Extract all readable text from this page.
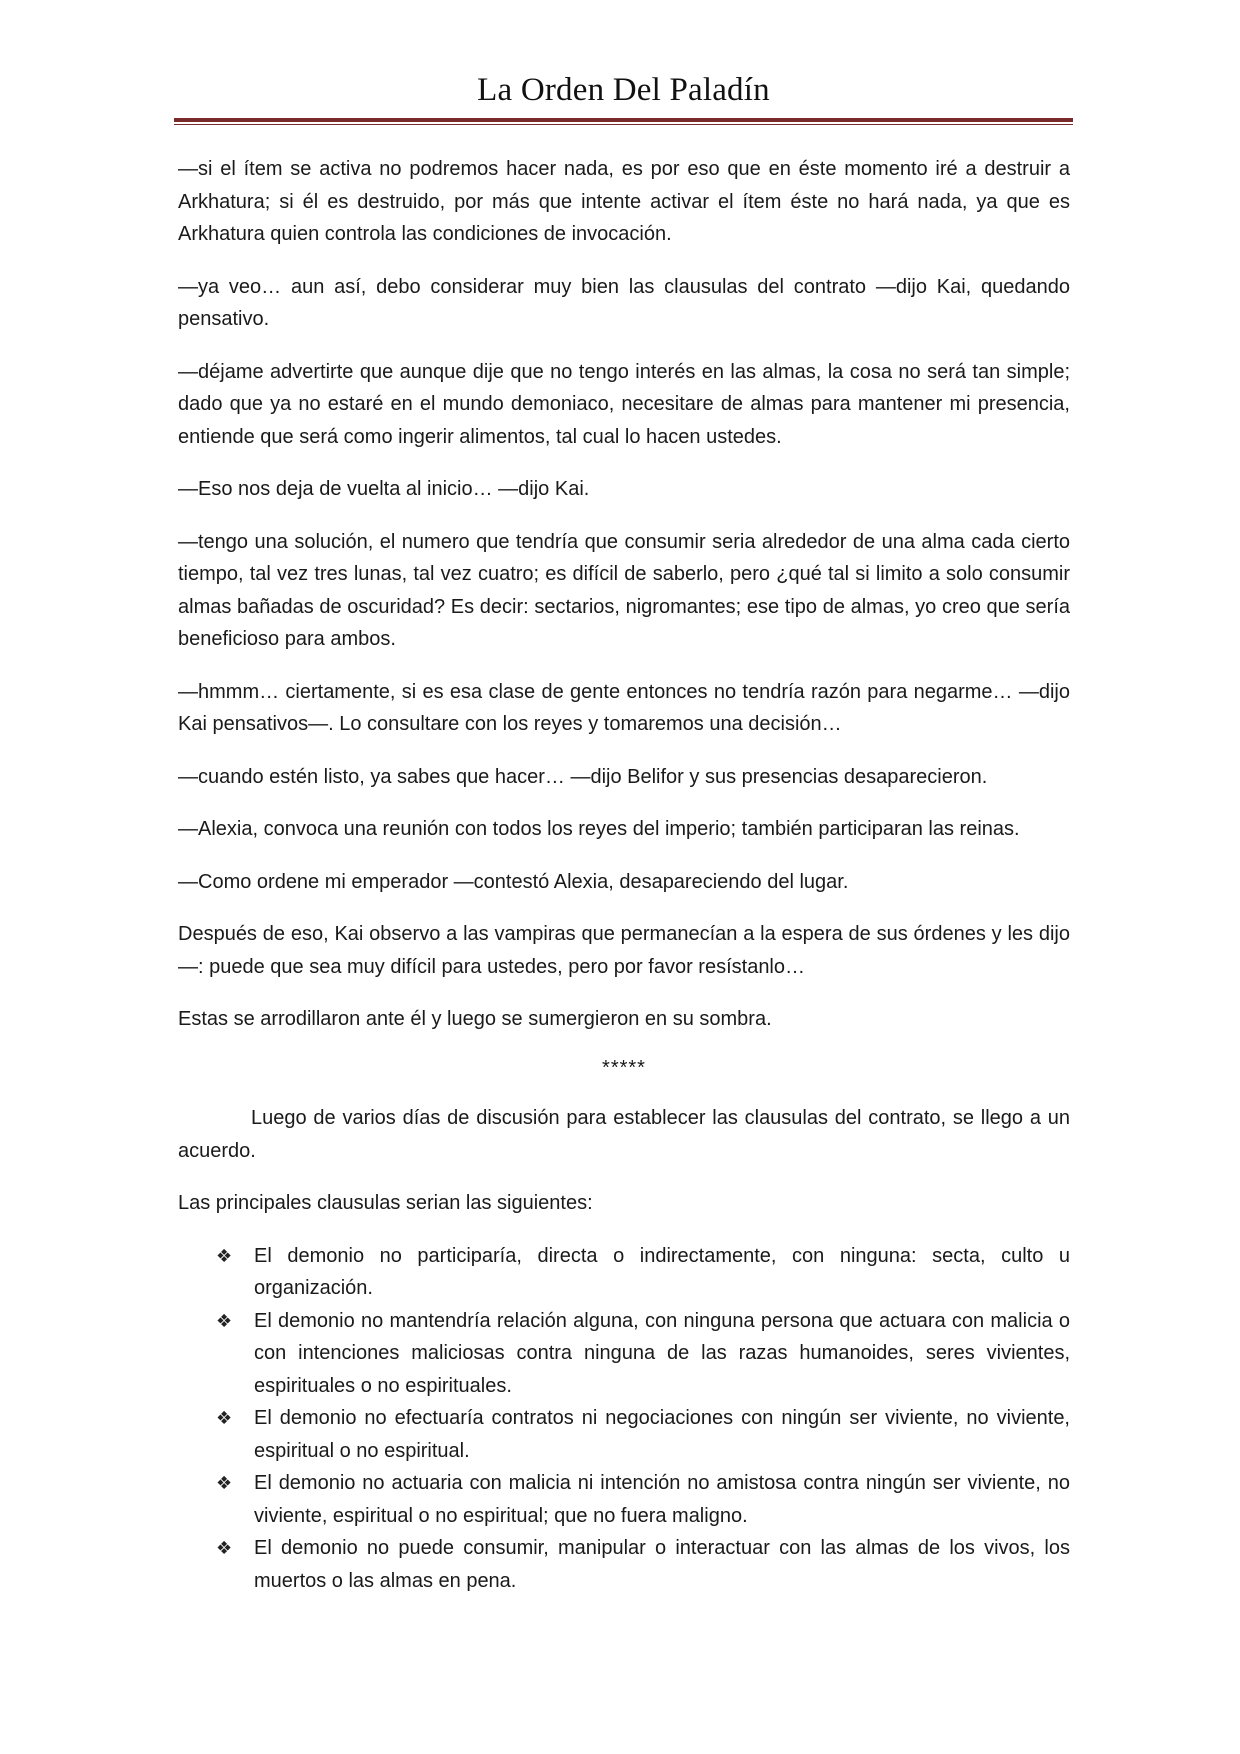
La Orden Del Paladín

—si el ítem se activa no podremos hacer nada, es por eso que en éste momento iré a destruir a Arkhatura; si él es destruido, por más que intente activar el ítem éste no hará nada, ya que es Arkhatura quien controla las condiciones de invocación.

—ya veo… aun así, debo considerar muy bien las clausulas del contrato —dijo Kai, quedando pensativo.

—déjame advertirte que aunque dije que no tengo interés en las almas, la cosa no será tan simple; dado que ya no estaré en el mundo demoniaco, necesitare de almas para mantener mi presencia, entiende que será como ingerir alimentos, tal cual lo hacen ustedes.

—Eso nos deja de vuelta al inicio… —dijo Kai.

—tengo una solución, el numero que tendría que consumir seria alrededor de una alma cada cierto tiempo, tal vez tres lunas, tal vez cuatro; es difícil de saberlo, pero ¿qué tal si limito a solo consumir almas bañadas de oscuridad? Es decir: sectarios, nigromantes; ese tipo de almas, yo creo que sería beneficioso para ambos.

—hmmm… ciertamente, si es esa clase de gente entonces no tendría razón para negarme… —dijo Kai pensativos—. Lo consultare con los reyes y tomaremos una decisión…

—cuando estén listo, ya sabes que hacer… —dijo Belifor y sus presencias desaparecieron.

—Alexia, convoca una reunión con todos los reyes del imperio; también participaran las reinas.

—Como ordene mi emperador —contestó Alexia, desapareciendo del lugar.

Después de eso, Kai observo a las vampiras que permanecían a la espera de sus órdenes y les dijo—: puede que sea muy difícil para ustedes, pero por favor resístanlo…

Estas se arrodillaron ante él y luego se sumergieron en su sombra.

*****

Luego de varios días de discusión para establecer las clausulas del contrato, se llego a un acuerdo.

Las principales clausulas serian las siguientes:

❖ El demonio no participaría, directa o indirectamente, con ninguna: secta, culto u organización.
❖ El demonio no mantendría relación alguna, con ninguna persona que actuara con malicia o con intenciones maliciosas contra ninguna de las razas humanoides, seres vivientes, espirituales o no espirituales.
❖ El demonio no efectuaría contratos ni negociaciones con ningún ser viviente, no viviente, espiritual o no espiritual.
❖ El demonio no actuaria con malicia ni intención no amistosa contra ningún ser viviente, no viviente, espiritual o no espiritual; que no fuera maligno.
❖ El demonio no puede consumir, manipular o interactuar con las almas de los vivos, los muertos o las almas en pena.
